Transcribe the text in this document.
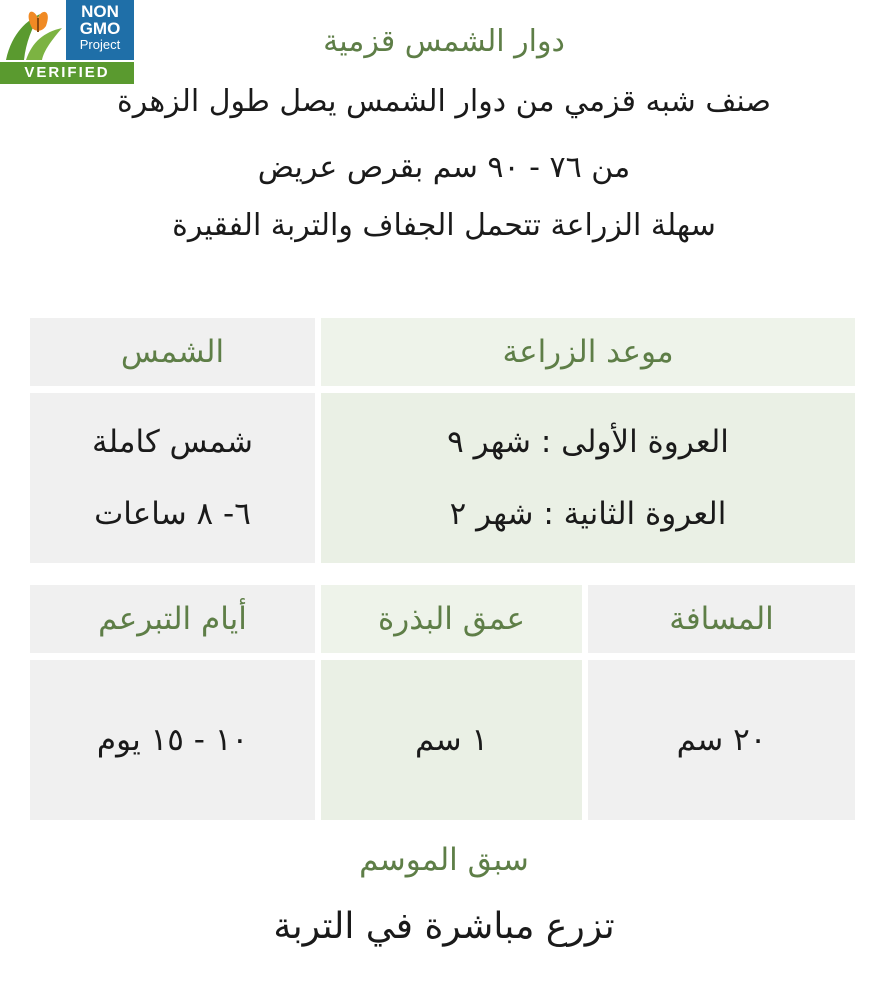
NON
GMO
Project
VERIFIED
دوار الشمس قزمية
صنف شبه قزمي من دوار الشمس يصل طول الزهرة
من ٧٦ - ٩٠ سم بقرص عريض
سهلة الزراعة تتحمل الجفاف والتربة الفقيرة
موعد الزراعة
الشمس
العروة الأولى : شهر ٩
العروة الثانية : شهر ٢
شمس كاملة
٦- ٨ ساعات
المسافة
عمق البذرة
أيام التبرعم
٢٠ سم
١ سم
١٠ - ١٥ يوم
سبق الموسم
تزرع مباشرة في التربة
